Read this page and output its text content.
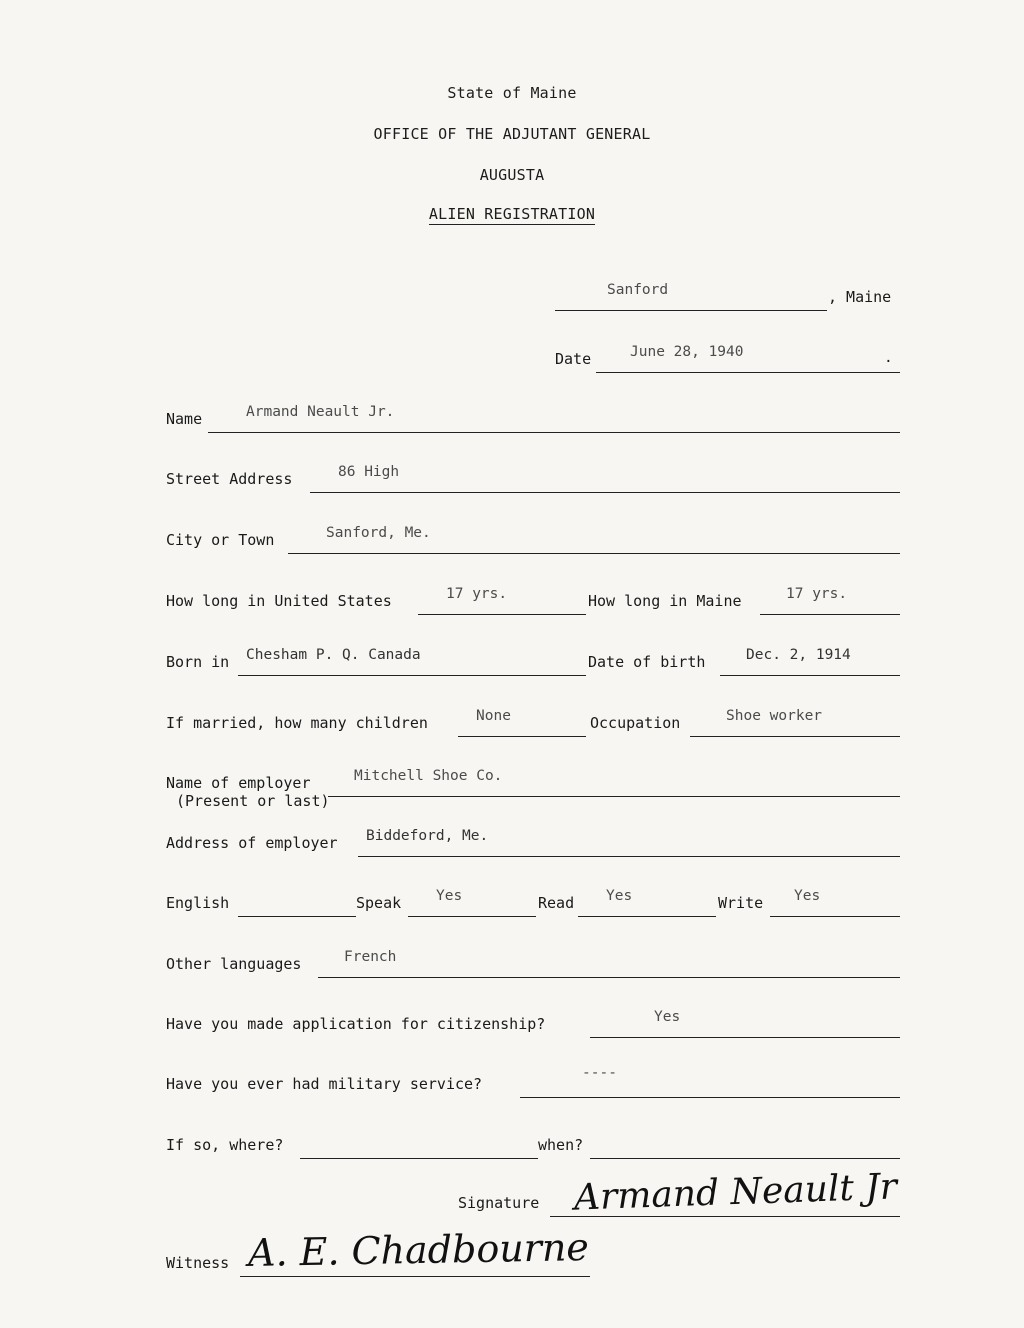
State of Maine
OFFICE OF THE ADJUTANT GENERAL
AUGUSTA
ALIEN REGISTRATION
Sanford	, Maine
Date	June 28, 1940	.
Name	Armand Neault Jr.
Street Address	86 High
City or Town	Sanford, Me.
How long in United States	17 yrs.	How long in Maine	17 yrs.
Born in Chesham P. Q. Canada	Date of birth	Dec. 2, 1914
If married, how many children	None	Occupation	Shoe worker
Name of employer
(Present or last)
Mitchell Shoe Co.
Address of employer Biddeford, Me.
English	Speak Yes	Read Yes	Write Yes
Other languages	French
Have you made application for citizenship?	Yes
Have you ever had military service?
----
If so, where?	when?
Signature Armand Neault Jr
Witness A. E. Chadbourne
